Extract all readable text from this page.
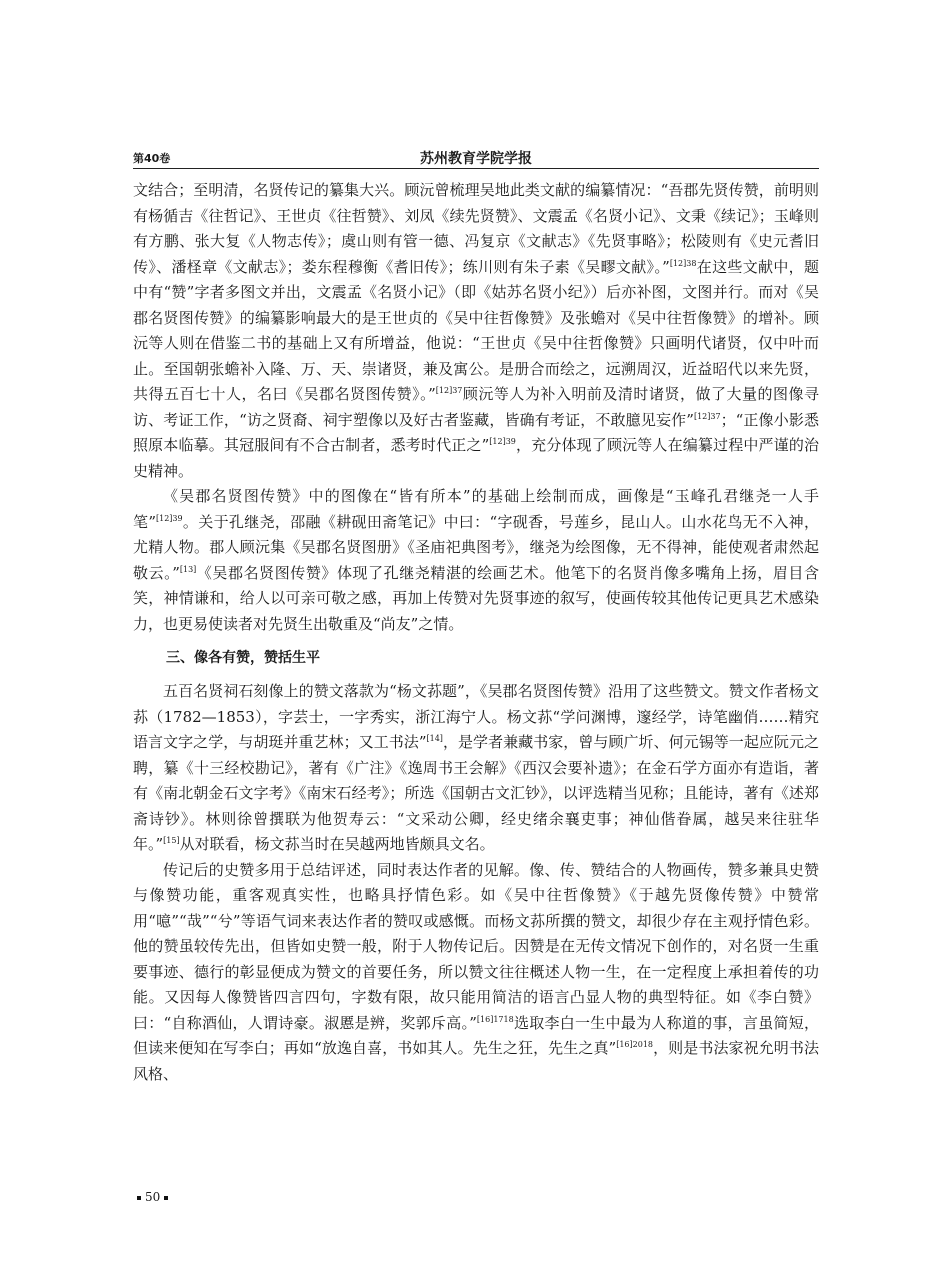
第40卷	苏州教育学院学报

文结合；至明清，名贤传记的纂集大兴。顾沅曾梳理吴地此类文献的编纂情况：“吾郡先贤传赞，前明则有杨循吉《往哲记》、王世贞《往哲赞》、刘凤《续先贤赞》、文震孟《名贤小记》、文秉《续记》；玉峰则有方鹏、张大复《人物志传》；虞山则有管一德、冯复京《文献志》《先贤事略》；松陵则有《史元耆旧传》、潘柽章《文献志》；娄东程穆衡《耆旧传》；练川则有朱子素《吴疁文献》。”$^{[12]38}$在这些文献中，题中有“赞”字者多图文并出，文震孟《名贤小记》（即《姑苏名贤小纪》）后亦补图，文图并行。而对《吴郡名贤图传赞》的编纂影响最大的是王世贞的《吴中往哲像赞》及张蟾对《吴中往哲像赞》的增补。顾沅等人则在借鉴二书的基础上又有所增益，他说：“王世贞《吴中往哲像赞》只画明代诸贤，仅中叶而止。至国朝张蟾补入隆、万、天、崇诸贤，兼及寓公。是册合而绘之，远溯周汉，近益昭代以来先贤，共得五百七十人，名曰《吴郡名贤图传赞》。”$^{[12]37}$顾沅等人为补入明前及清时诸贤，做了大量的图像寻访、考证工作，“访之贤裔、祠宇塑像以及好古者鉴藏，皆确有考证，不敢臆见妄作”$^{[12]37}$；“正像小影悉照原本临摹。其冠服间有不合古制者，悉考时代正之”$^{[12]39}$，充分体现了顾沅等人在编纂过程中严谨的治史精神。

《吴郡名贤图传赞》中的图像在“皆有所本”的基础上绘制而成，画像是“玉峰孔君继尧一人手笔”$^{[12]39}$。关于孔继尧，邵融《耕砚田斋笔记》中曰：“字砚香，号莲乡，昆山人。山水花鸟无不入神，尤精人物。郡人顾沅集《吴郡名贤图册》《圣庙祀典图考》，继尧为绘图像，无不得神，能使观者肃然起敬云。”[13]《吴郡名贤图传赞》体现了孔继尧精湛的绘画艺术。他笔下的名贤肖像多嘴角上扬，眉目含笑，神情谦和，给人以可亲可敬之感，再加上传赞对先贤事迹的叙写，使画传较其他传记更具艺术感染力，也更易使读者对先贤生出敬重及“尚友”之情。

三、像各有赞，赞括生平

五百名贤祠石刻像上的赞文落款为“杨文荪题”，《吴郡名贤图传赞》沿用了这些赞文。赞文作者杨文荪（1782—1853），字芸士，一字秀实，浙江海宁人。杨文荪“学问渊博，邃经学，诗笔幽俏……精究语言文字之学，与胡珽并重艺林；又工书法”[14]，是学者兼藏书家，曾与顾广圻、何元锡等一起应阮元之聘，纂《十三经校勘记》，著有《广注》《逸周书王会解》《西汉会要补遗》；在金石学方面亦有造诣，著有《南北朝金石文字考》《南宋石经考》；所选《国朝古文汇钞》，以评选精当见称；且能诗，著有《述郑斋诗钞》。林则徐曾撰联为他贺寿云：“文采动公卿，经史绪余襄吏事；神仙偕眷属，越吴来往驻华年。”[15]从对联看，杨文荪当时在吴越两地皆颇具文名。

传记后的史赞多用于总结评述，同时表达作者的见解。像、传、赞结合的人物画传，赞多兼具史赞与像赞功能，重客观真实性，也略具抒情色彩。如《吴中往哲像赞》《于越先贤像传赞》中赞常用“噫”“哉”“兮”等语气词来表达作者的赞叹或感慨。而杨文荪所撰的赞文，却很少存在主观抒情色彩。他的赞虽较传先出，但皆如史赞一般，附于人物传记后。因赞是在无传文情况下创作的，对名贤一生重要事迹、德行的彰显便成为赞文的首要任务，所以赞文往往概述人物一生，在一定程度上承担着传的功能。又因每人像赞皆四言四句，字数有限，故只能用简洁的语言凸显人物的典型特征。如《李白赞》曰：“自称酒仙，人谓诗豪。淑慝是辨，奖郭斥高。”$^{[16]1718}$选取李白一生中最为人称道的事，言虽简短，但读来便知在写李白；再如“放逸自喜，书如其人。先生之狂，先生之真”$^{[16]2018}$，则是书法家祝允明书法风格、

50
